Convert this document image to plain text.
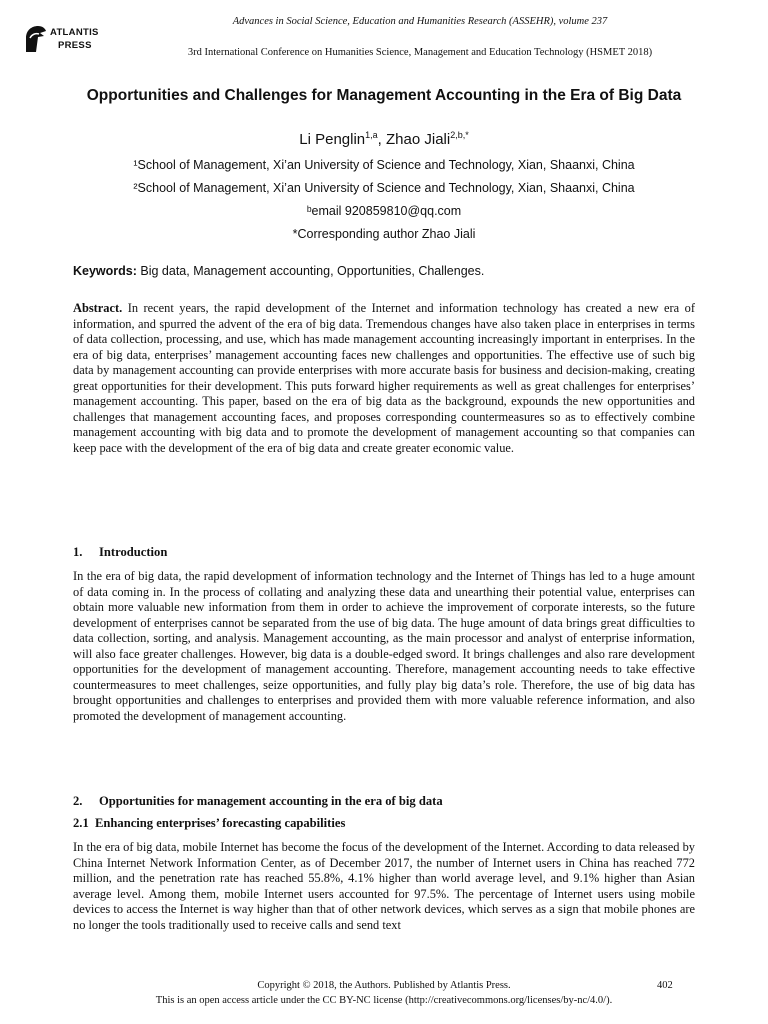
ATLANTIS
PRESS
Advances in Social Science, Education and Humanities Research (ASSEHR), volume 237
3rd International Conference on Humanities Science, Management and Education Technology (HSMET 2018)
Opportunities and Challenges for Management Accounting in the Era of Big Data
Li Penglin$^{1,a}$, Zhao Jiali$^{2,b,*}$
¹School of Management, Xi’an University of Science and Technology, Xian, Shaanxi, China
²School of Management, Xi’an University of Science and Technology, Xian, Shaanxi, China
ᵇemail 920859810@qq.com
*Corresponding author Zhao Jiali
Keywords: Big data, Management accounting, Opportunities, Challenges.
Abstract. In recent years, the rapid development of the Internet and information technology has created a new era of information, and spurred the advent of the era of big data. Tremendous changes have also taken place in enterprises in terms of data collection, processing, and use, which has made management accounting increasingly important in enterprises. In the era of big data, enterprises’ management accounting faces new challenges and opportunities. The effective use of such big data by management accounting can provide enterprises with more accurate basis for business and decision-making, creating great opportunities for their development. This puts forward higher requirements as well as great challenges for enterprises’ management accounting. This paper, based on the era of big data as the background, expounds the new opportunities and challenges that management accounting faces, and proposes corresponding countermeasures so as to effectively combine management accounting with big data and to promote the development of management accounting so that companies can keep pace with the development of the era of big data and create greater economic value.
1. Introduction
In the era of big data, the rapid development of information technology and the Internet of Things has led to a huge amount of data coming in. In the process of collating and analyzing these data and unearthing their potential value, enterprises can obtain more valuable new information from them in order to achieve the improvement of corporate interests, so the future development of enterprises cannot be separated from the use of big data. The huge amount of data brings great difficulties to data collection, sorting, and analysis. Management accounting, as the main processor and analyst of enterprise information, will also face greater challenges. However, big data is a double-edged sword. It brings challenges and also rare development opportunities for the development of management accounting. Therefore, management accounting needs to take effective countermeasures to meet challenges, seize opportunities, and fully play big data’s role. Therefore, the use of big data has brought opportunities and challenges to enterprises and provided them with more valuable reference information, and also promoted the development of management accounting.
2. Opportunities for management accounting in the era of big data
2.1 Enhancing enterprises’ forecasting capabilities
In the era of big data, mobile Internet has become the focus of the development of the Internet. According to data released by China Internet Network Information Center, as of December 2017, the number of Internet users in China has reached 772 million, and the penetration rate has reached 55.8%, 4.1% higher than world average level, and 9.1% higher than Asian average level. Among them, mobile Internet users accounted for 97.5%. The percentage of Internet users using mobile devices to access the Internet is way higher than that of other network devices, which serves as a sign that mobile phones are no longer the tools traditionally used to receive calls and send text
Copyright © 2018, the Authors. Published by Atlantis Press.	402
This is an open access article under the CC BY-NC license (http://creativecommons.org/licenses/by-nc/4.0/).
